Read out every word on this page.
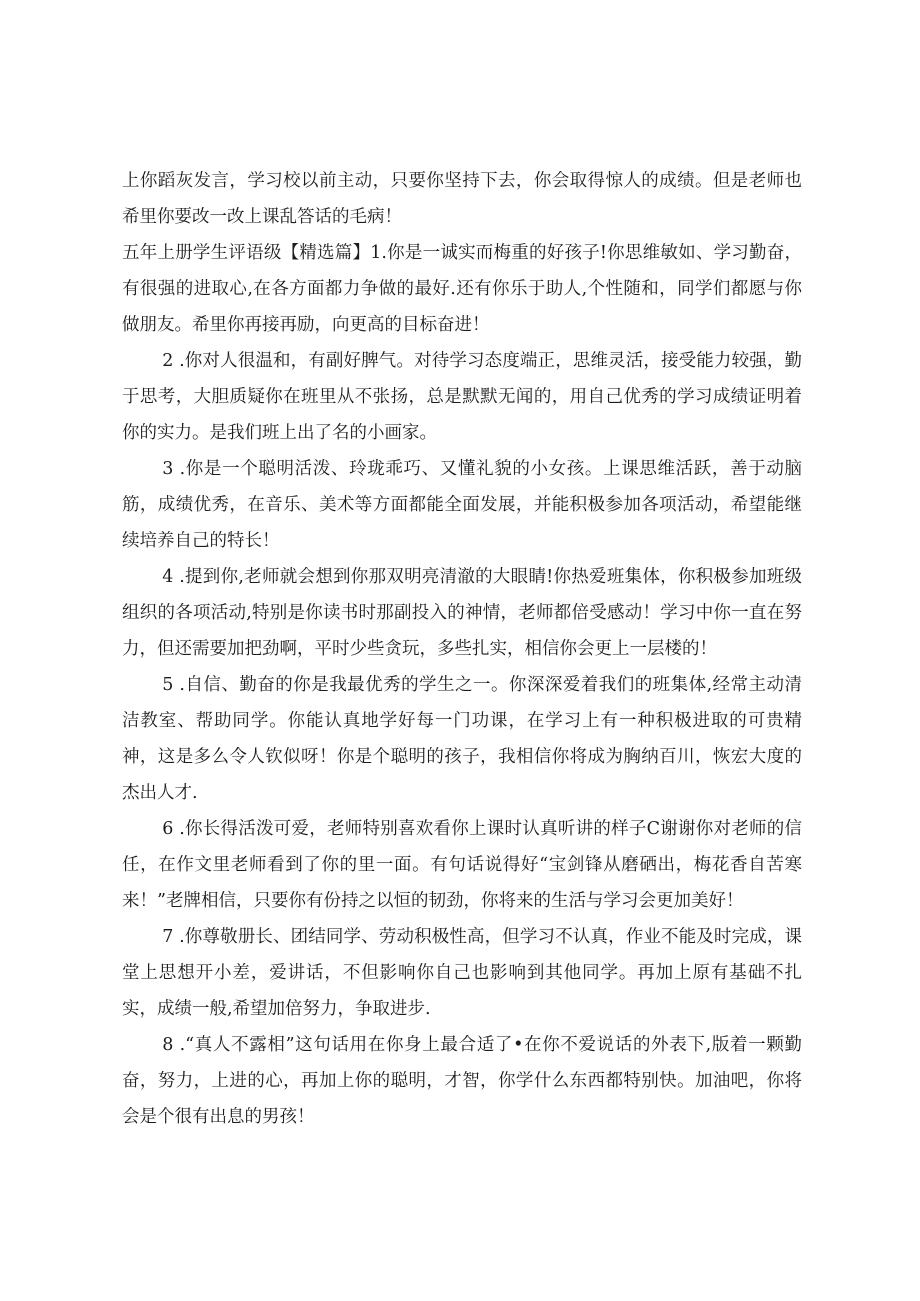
上你蹈灰发言，学习校以前主动，只要你坚持下去，你会取得惊人的成绩。但是老师也希里你要改一改上课乱答话的毛病！

五年上册学生评语级【精选篇】1.你是一诚实而梅重的好孩子!你思维敏如、学习勤奋，有很强的进取心,在各方面都力争做的最好.还有你乐于助人,个性随和，同学们都愿与你做朋友。希里你再接再励，向更高的目标奋进！

2 .你对人很温和，有副好脾气。对待学习态度端正，思维灵活，接受能力较强，勤于思考，大胆质疑你在班里从不张扬，总是默默无闻的，用自己优秀的学习成绩证明着你的实力。是我们班上出了名的小画家。

3 .你是一个聪明活泼、玲珑乖巧、又懂礼貌的小女孩。上课思维活跃，善于动脑筋，成绩优秀，在音乐、美术等方面都能全面发展，并能积极参加各项活动，希望能继续培养自己的特长！

4 .提到你,老师就会想到你那双明亮清澈的大眼睛!你热爱班集体，你积极参加班级组织的各项活动,特别是你读书时那副投入的神情，老师都倍受感动！学习中你一直在努力，但还需要加把劲啊，平时少些贪玩，多些扎实，相信你会更上一层楼的！

5 .自信、勤奋的你是我最优秀的学生之一。你深深爱着我们的班集体,经常主动清洁教室、帮助同学。你能认真地学好每一门功课，在学习上有一种积极进取的可贵精神，这是多么令人钦似呀！你是个聪明的孩子，我相信你将成为胸纳百川，恢宏大度的杰出人才.

6 .你长得活泼可爱，老师特别喜欢看你上课时认真听讲的样子C谢谢你对老师的信任，在作文里老师看到了你的里一面。有句话说得好“宝剑锋从磨硒出，梅花香自苦寒来！”老牌相信，只要你有份持之以恒的韧劲，你将来的生活与学习会更加美好！

7 .你尊敬册长、团结同学、劳动积极性高，但学习不认真，作业不能及时完成，课堂上思想开小差，爱讲话，不但影响你自己也影响到其他同学。再加上原有基础不扎实，成绩一般,希望加倍努力，争取进步.

8 .“真人不露相”这句话用在你身上最合适了•在你不爱说话的外表下,版着一颗勤奋，努力，上进的心，再加上你的聪明，才智，你学什么东西都特别快。加油吧，你将会是个很有出息的男孩！
